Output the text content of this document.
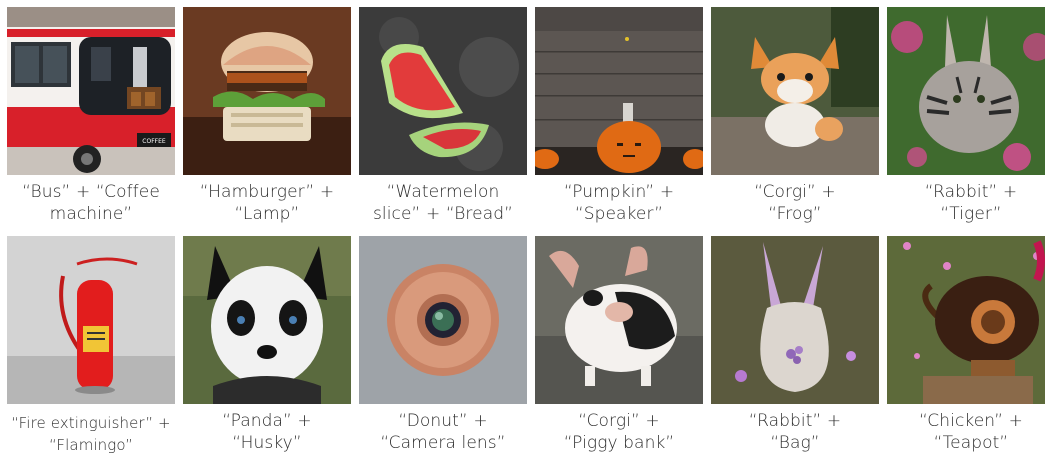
COFFEE
“Bus” + “Coffee
machine”
“Hamburger” +
“Lamp”
“Watermelon
slice” + “Bread”
“Pumpkin” +
“Speaker”
“Corgi” +
“Frog”
“Rabbit” +
“Tiger”
“Fire extinguisher” +
“Flamingo”
“Panda” +
“Husky”
“Donut” +
“Camera lens”
“Corgi” +
“Piggy bank”
“Rabbit” +
“Bag”
“Chicken” +
“Teapot”
